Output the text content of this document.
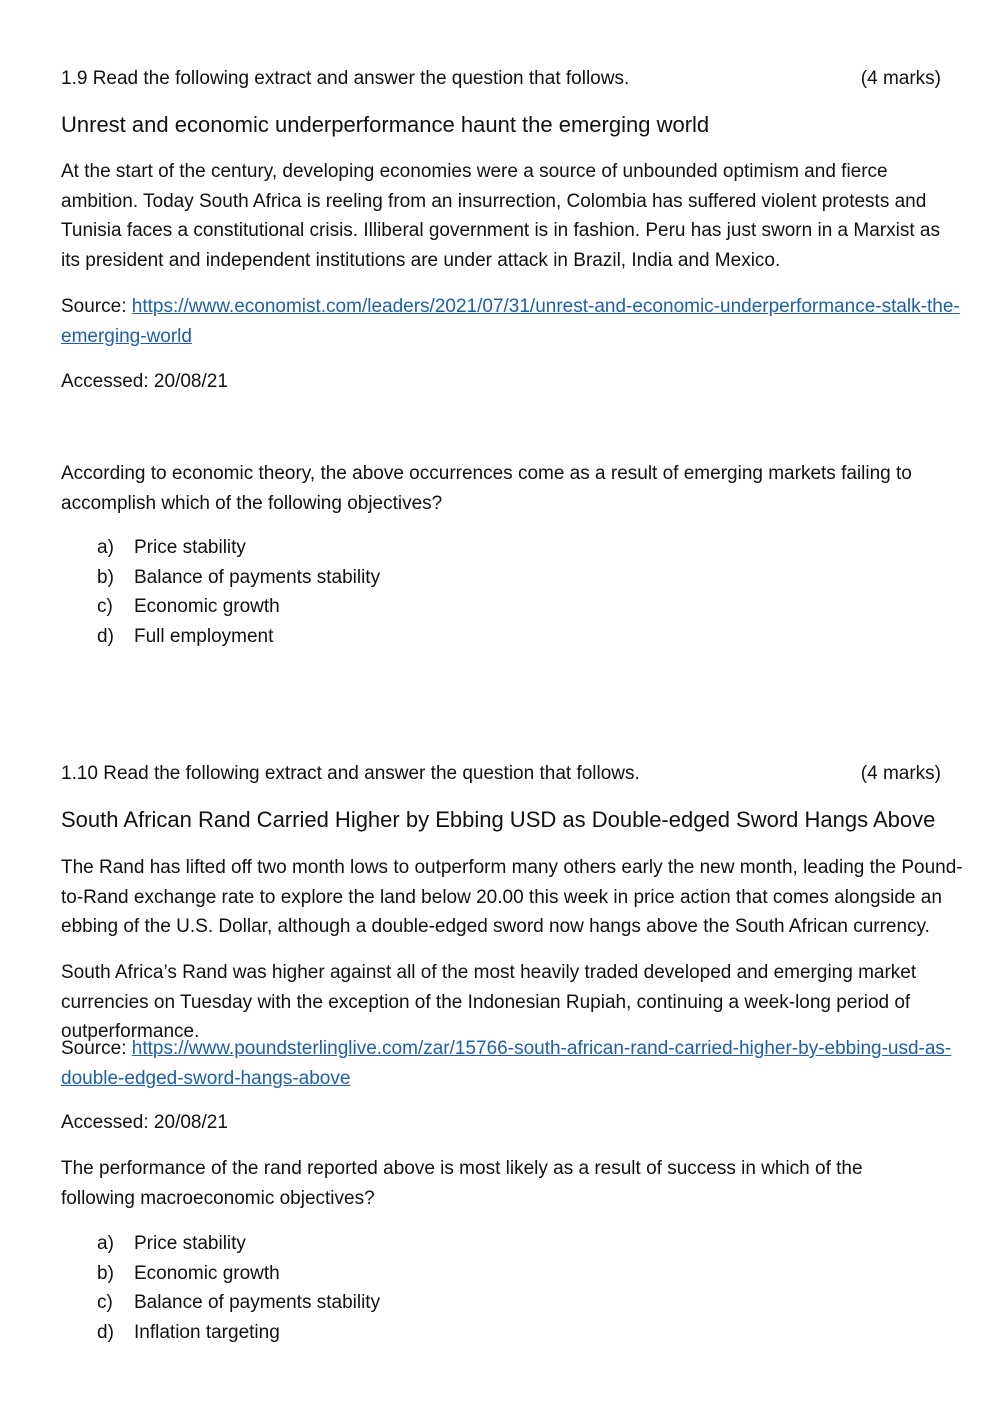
1.9 Read the following extract and answer the question that follows.	(4 marks)
Unrest and economic underperformance haunt the emerging world

At the start of the century, developing economies were a source of unbounded optimism and fierce ambition. Today South Africa is reeling from an insurrection, Colombia has suffered violent protests and Tunisia faces a constitutional crisis. Illiberal government is in fashion. Peru has just sworn in a Marxist as its president and independent institutions are under attack in Brazil, India and Mexico.

Source: https://www.economist.com/leaders/2021/07/31/unrest-and-economic-underperformance-stalk-the-
emerging-world

Accessed: 20/08/21

According to economic theory, the above occurrences come as a result of emerging markets failing to accomplish which of the following objectives?

a) Price stability
b) Balance of payments stability
c) Economic growth
d) Full employment
1.10 Read the following extract and answer the question that follows.	(4 marks)
South African Rand Carried Higher by Ebbing USD as Double-edged Sword Hangs Above

The Rand has lifted off two month lows to outperform many others early the new month, leading the Pound-to-Rand exchange rate to explore the land below 20.00 this week in price action that comes alongside an ebbing of the U.S. Dollar, although a double-edged sword now hangs above the South African currency.

South Africa’s Rand was higher against all of the most heavily traded developed and emerging market currencies on Tuesday with the exception of the Indonesian Rupiah, continuing a week-long period of outperformance.

Source: https://www.poundsterlinglive.com/zar/15766-south-african-rand-carried-higher-by-ebbing-usd-as-
double-edged-sword-hangs-above

Accessed: 20/08/21

The performance of the rand reported above is most likely as a result of success in which of the following macroeconomic objectives?

a) Price stability
b) Economic growth
c) Balance of payments stability
d) Inflation targeting
